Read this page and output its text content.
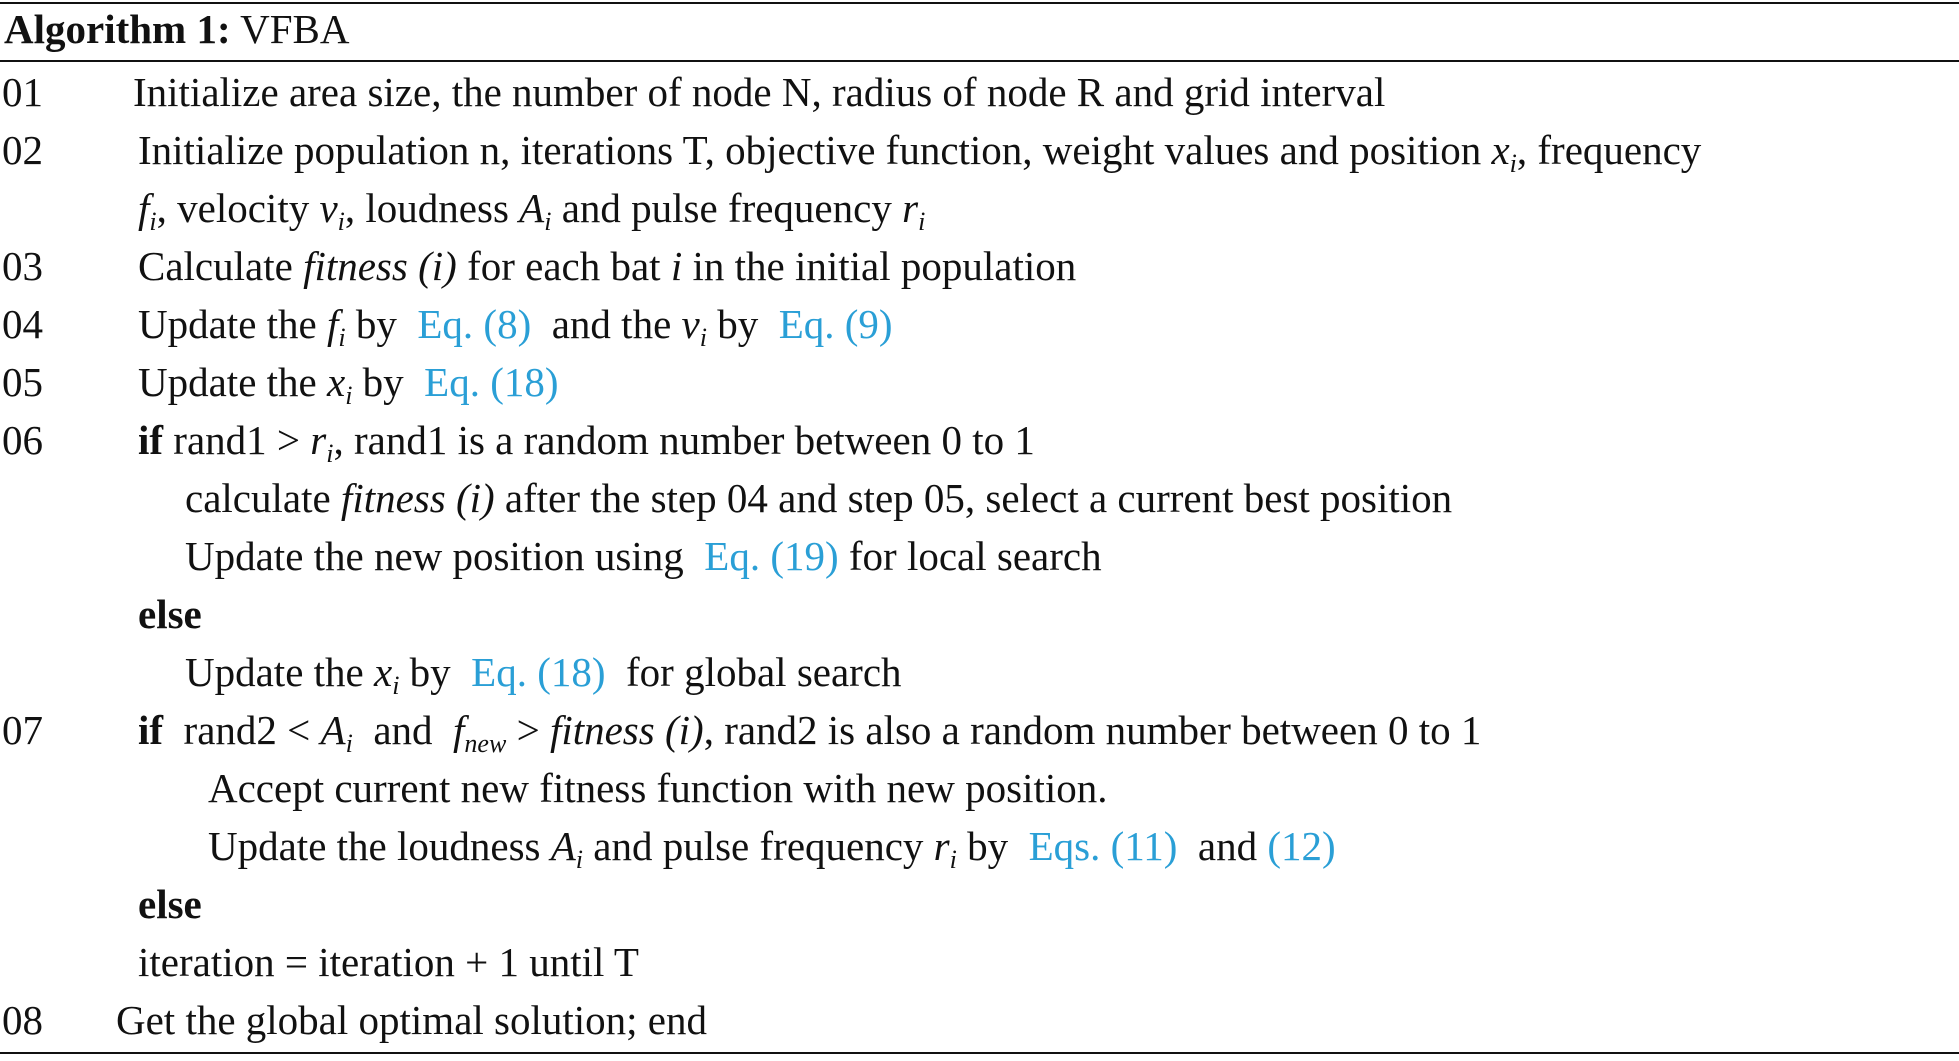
Algorithm 1: VFBA
01 Initialize area size, the number of node N, radius of node R and grid interval
02 Initialize population n, iterations T, objective function, weight values and position $x_i$, frequency
$f_i$, velocity $v_i$, loudness $A_i$ and pulse frequency $r_i$
03 Calculate fitness (i) for each bat i in the initial population
04 Update the $f_i$ by Eq. (8) and the $v_i$ by Eq. (9)
05 Update the $x_i$ by Eq. (18)
06 if rand1 > $r_i$, rand1 is a random number between 0 to 1
calculate fitness (i) after the step 04 and step 05, select a current best position
Update the new position using Eq. (19) for local search
else
Update the $x_i$ by Eq. (18) for global search
07 if rand2 < $A_i$ and $f_{new}$ > fitness (i), rand2 is also a random number between 0 to 1
Accept current new fitness function with new position.
Update the loudness $A_i$ and pulse frequency $r_i$ by Eqs. (11) and (12)
else
iteration = iteration + 1 until T
08 Get the global optimal solution; end
